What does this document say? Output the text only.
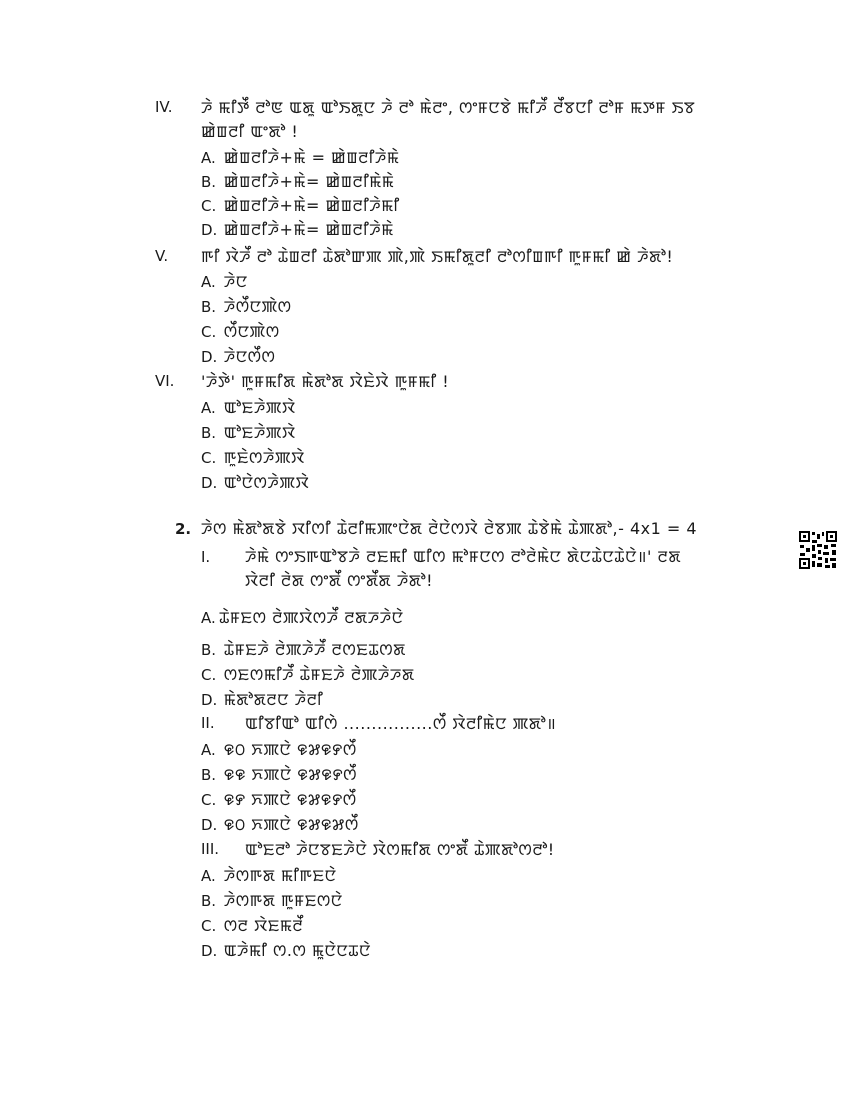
IV.	ꯍꯥ ꯃꯤꯇꯩ ꯂꯣꯟ ꯑꯗꯨ ꯑꯣꯏꯗꯨꯅ ꯍꯥ ꯂꯣ ꯃꯥꯂꯦ, ꯁꯦꯝꯅꯕꯥ ꯃꯤꯍꯩ ꯂꯩꯕꯅꯤ ꯂꯣꯝ ꯃꯇꯝ ꯏꯕ ꯀꯥꯡꯂꯤ ꯑꯦꯗꯣ !
A. ꯀꯥꯡꯂꯤꯍꯥ+ꯃꯥ = ꯀꯥꯡꯂꯤꯍꯥꯃꯥ
B. ꯀꯥꯡꯂꯤꯍꯥ+ꯃꯥ= ꯀꯥꯡꯂꯤꯃꯥꯃꯥ
C. ꯀꯥꯡꯂꯤꯍꯥ+ꯃꯥ= ꯀꯥꯡꯂꯤꯍꯥꯃꯤ
D. ꯀꯥꯡꯂꯤꯍꯥ+ꯃꯥ= ꯀꯥꯡꯂꯤꯍꯥꯃꯥ
V.	ꯒꯤ ꯋꯥꯍꯩ ꯂꯣ ꯊꯥꯡꯂꯤ ꯊꯥꯗꯣꯛꯄ ꯄꯥ,ꯄꯥ ꯏꯃꯤꯗꯨꯂꯤ ꯂꯣꯁꯤꯡꯒꯤ ꯒꯨꯝꯃꯤ ꯀꯥ ꯍꯥꯗꯣ!
A. ꯍꯥꯅ
B. ꯍꯥꯁꯩꯅꯄꯥꯁ
C. ꯁꯩꯅꯄꯥꯁ
D. ꯍꯥꯅꯁꯩꯁ
VI.	'ꯍꯥꯇꯥ' ꯒꯨꯝꯃꯤꯗ ꯃꯥꯗꯣꯗ ꯋꯥꯐꯥꯋꯥ ꯒꯨꯝꯃꯤ !
A. ꯑꯣꯐꯍꯥꯄꯋꯥ
B. ꯑꯣꯐꯍꯥꯄꯋꯥ
C. ꯒꯨꯐꯥꯁꯍꯥꯄꯋꯥ
D. ꯑꯣꯅꯥꯁꯍꯥꯄꯋꯥ
2. ꯍꯥꯁ ꯃꯥꯗꯣꯗꯕꯥ ꯋꯤꯁꯤ ꯊꯥꯂꯤꯃꯄꯦꯅꯥꯗ ꯂꯥꯅꯥꯁꯋꯥ ꯂꯥꯕꯄ ꯊꯥꯕꯥꯃꯥ ꯊꯥꯄꯗꯣ,- 4x1 = 4
I. ꯍꯥꯃꯥ ꯁꯦꯏꯒꯑꯣꯕꯍꯥ ꯂꯐꯃꯤ ꯑꯤꯁ ꯃꯣꯝꯅꯁ ꯂꯣꯂꯥꯃꯥꯅ ꯗꯥꯅꯊꯥꯅꯊꯥꯅꯥ॥' ꯂꯗ ꯋꯥꯂꯤ ꯂꯥꯗ ꯁꯦꯗꯩ ꯁꯦꯗꯩꯗ ꯍꯥꯗꯣ!
A. ꯊꯥꯝꯐꯁ ꯂꯥꯄꯋꯥꯁꯍꯩ ꯂꯗꯍꯍꯥꯅꯥ
B. ꯊꯥꯝꯐꯍꯥ ꯂꯥꯄꯍꯥꯍꯩ ꯂꯁꯐꯊꯁꯗ
C. ꯁꯐꯁꯃꯤꯍꯩ ꯊꯥꯝꯐꯍꯥ ꯂꯥꯄꯍꯥꯍꯗ
D. ꯃꯥꯗꯣꯗꯂꯅ ꯍꯥꯂꯤ
II. ꯑꯤꯕꯤꯑꯣ ꯑꯤꯁꯥ ................ꯁꯩ ꯋꯥꯂꯤꯃꯥꯅ ꯄꯗꯣ॥
A. ꯶꯰ ꯈꯄꯅꯥ ꯶꯷꯶꯸ꯁꯩ
B. ꯶꯶ ꯈꯄꯅꯥ ꯶꯷꯶꯸ꯁꯩ
C. ꯶꯸ ꯈꯄꯅꯥ ꯶꯷꯶꯸ꯁꯩ
D. ꯶꯰ ꯈꯄꯅꯥ ꯶꯷꯶꯷ꯁꯩ
III. ꯑꯣꯐꯂꯣ ꯍꯥꯅꯕꯐꯍꯥꯅꯥ ꯋꯥꯁꯃꯤꯗ ꯁꯦꯗꯩ ꯊꯥꯄꯗꯣꯁꯂꯣ!
A. ꯍꯥꯁꯒꯗ ꯃꯤꯒꯐꯅꯥ
B. ꯍꯥꯁꯒꯗ ꯒꯨꯝꯐꯁꯅꯥ
C. ꯁꯂ ꯋꯥꯐꯃꯂꯩ
D. ꯑꯍꯥꯃꯤ ꯁ.ꯁ ꯃꯨꯅꯥꯅꯊꯅꯥ
